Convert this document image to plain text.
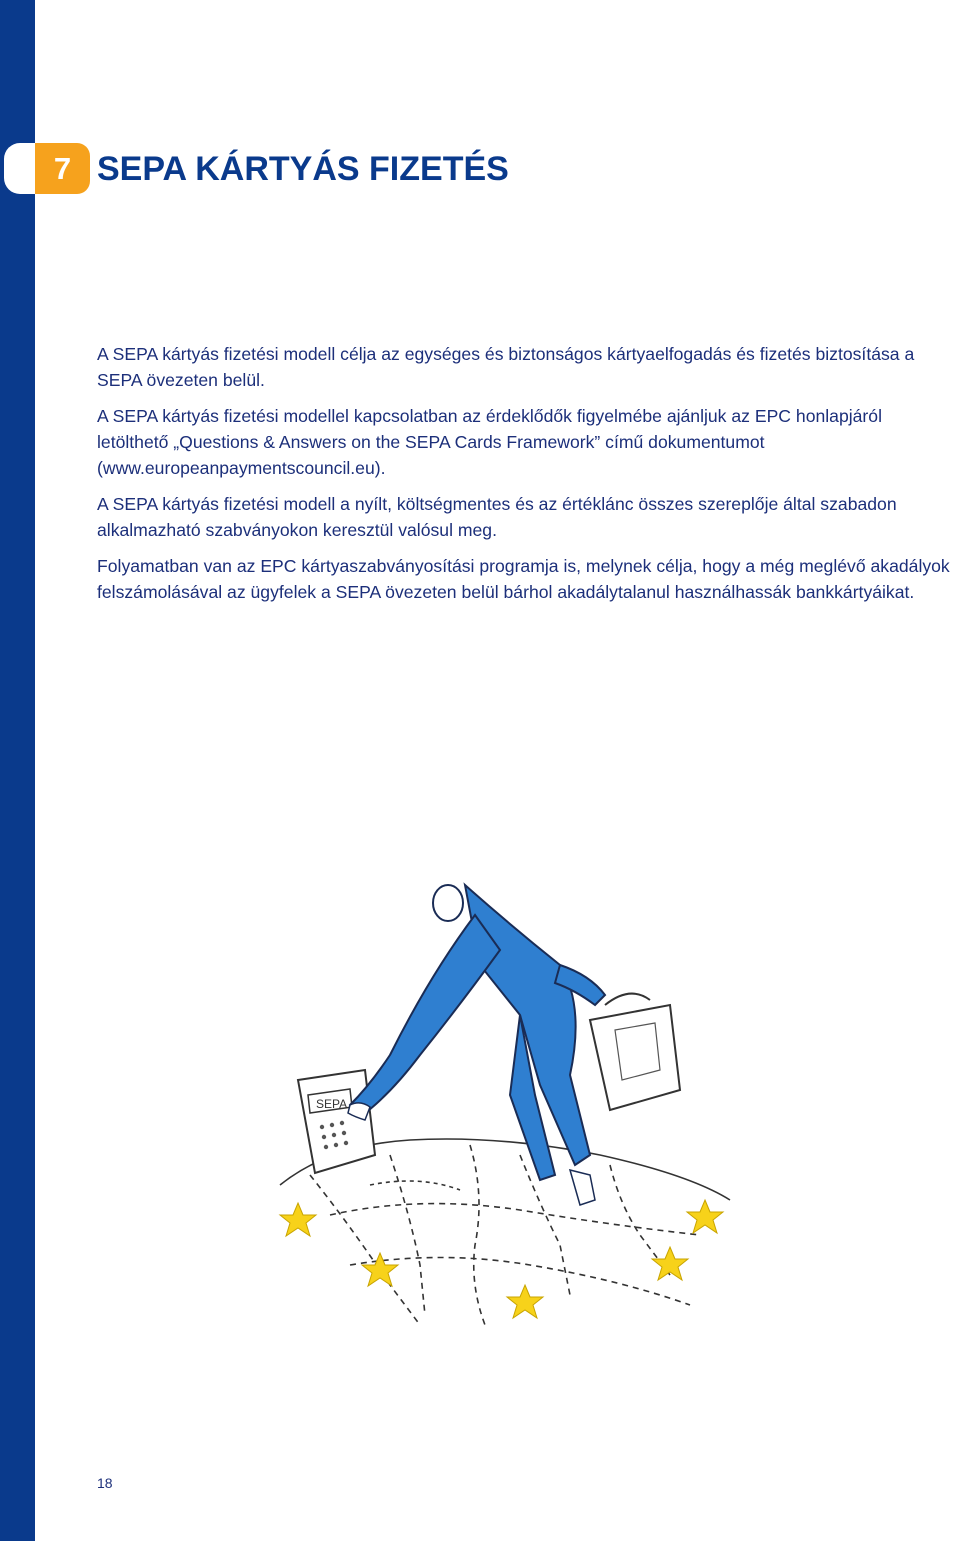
7 SEPA KÁRTYÁS FIZETÉS

A SEPA kártyás fizetési modell célja az egységes és biztonságos kártyaelfogadás és fizetés biztosítása a SEPA övezeten belül.

A SEPA kártyás fizetési modellel kapcsolatban az érdeklődők figyelmébe ajánljuk az EPC honlapjáról letölthető „Questions & Answers on the SEPA Cards Framework” című dokumentumot (www.europeanpaymentscouncil.eu).

A SEPA kártyás fizetési modell a nyílt, költségmentes és az értéklánc összes szereplője által szabadon alkalmazható szabványokon keresztül valósul meg.

Folyamatban van az EPC kártyaszabványosítási programja is, melynek célja, hogy a még meglévő akadályok felszámolásával az ügyfelek a SEPA övezeten belül bárhol akadálytalanul használhassák bankkártyáikat.

SEPA
18
